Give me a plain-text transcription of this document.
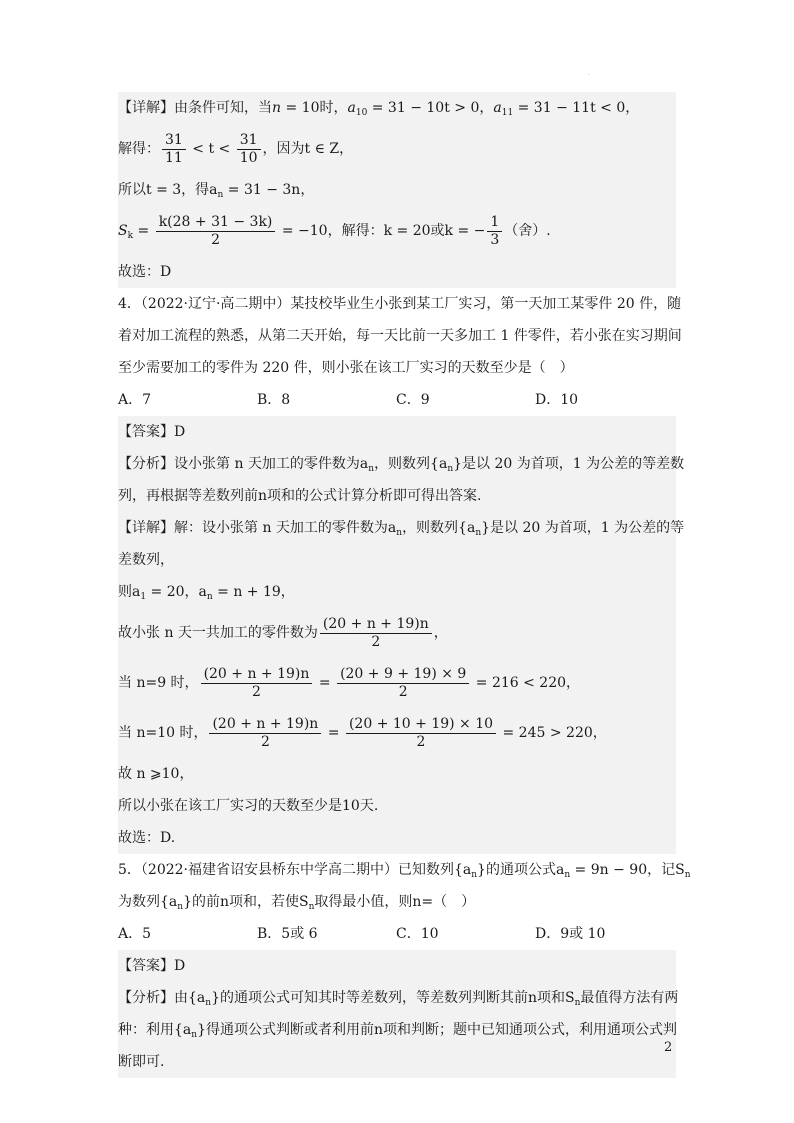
.
【详解】由条件可知，当n = 10时，$a_{10} = 31 - 10t > 0$，$a_{11} = 31 - 11t < 0$，
解得： $\frac{31}{11} < t < \frac{31}{10}$ ，因为t ∈ Z，
所以t = 3，得$a_n = 31 - 3n$，
$S_k = \frac{k(28 + 31 - 3k)}{2} = -10$，解得：k = 20或k = − $\frac{1}{3}$ （舍）.
故选：D
4．（2022·辽宁·高二期中）某技校毕业生小张到某工厂实习，第一天加工某零件 20 件，随
着对加工流程的熟悉，从第二天开始，每一天比前一天多加工 1 件零件，若小张在实习期间
至少需要加工的零件为 220 件，则小张在该工厂实习的天数至少是（　）
A．7	B．8	C．9	D．10
【答案】D
【分析】设小张第 n 天加工的零件数为$a_n$，则数列$\{a_n\}$是以 20 为首项，1 为公差的等差数
列，再根据等差数列前n项和的公式计算分析即可得出答案.
【详解】解：设小张第 n 天加工的零件数为$a_n$，则数列$\{a_n\}$是以 20 为首项，1 为公差的等
差数列，
则$a_1 = 20$，$a_n = n + 19$，
故小张 n 天一共加工的零件数为 $\frac{(20 + n + 19)n}{2}$ ，
当 n=9 时， $\frac{(20 + n + 19)n}{2} = \frac{(20 + 9 + 19) \times 9}{2} = 216 < 220$，
当 n=10 时， $\frac{(20 + n + 19)n}{2} = \frac{(20 + 10 + 19) \times 10}{2} = 245 > 220$，
故 n ⩾10，
所以小张在该工厂实习的天数至少是10天.
故选：D.
5．（2022·福建省诏安县桥东中学高二期中）已知数列$\{a_n\}$的通项公式$a_n = 9n - 90$，记$S_n$
为数列$\{a_n\}$的前n项和，若使$S_n$取得最小值，则n=（　）
A．5	B．5或 6	C．10	D．9或 10
【答案】D
【分析】由$\{a_n\}$的通项公式可知其时等差数列，等差数列判断其前n项和$S_n$最值得方法有两
种：利用$\{a_n\}$得通项公式判断或者利用前n项和判断；题中已知通项公式，利用通项公式判
断即可.
2
